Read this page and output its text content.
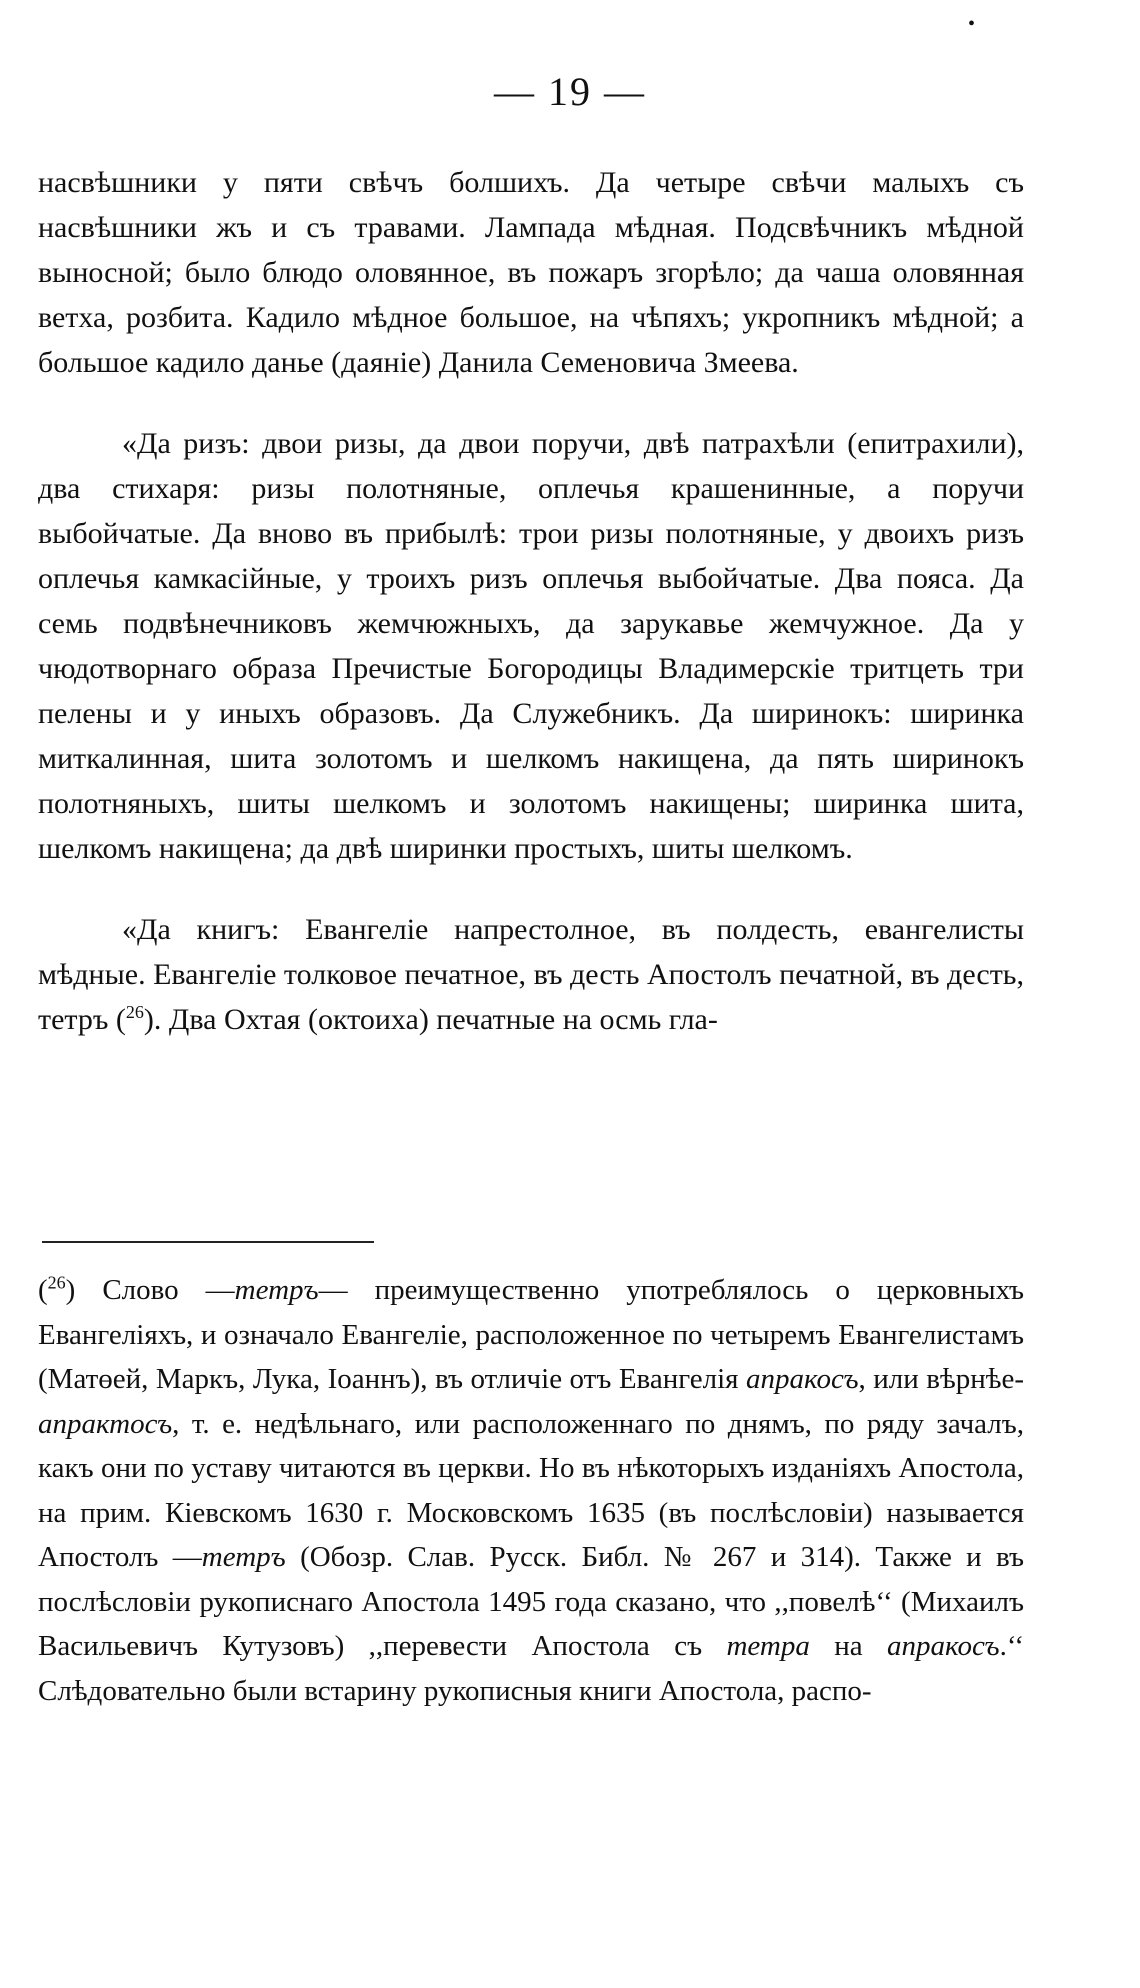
•
— 19 —

насвѣшники у пяти свѣчъ болшихъ. Да четыре свѣчи малыхъ съ насвѣшники жъ и съ травами. Лампада мѣдная. Подсвѣчникъ мѣдной выносной; было блюдо оловянное, въ пожаръ згорѣло; да чаша оловянная ветха, розбита. Кадило мѣдное большое, на чѣпяхъ; укропникъ мѣдной; а большое кадило данье (даяніе) Данила Семеновича Змеева.

«Да ризъ: двои ризы, да двои поручи, двѣ патрахѣли (епитрахили), два стихаря: ризы полотняные, оплечья крашенинные, а поручи выбойчатые. Да вново въ прибылѣ: трои ризы полотняные, у двоихъ ризъ оплечья камкасійные, у троихъ ризъ оплечья выбойчатые. Два пояса. Да семь подвѣнечниковъ жемчюжныхъ, да зарукавье жемчужное. Да у чюдотворнаго образа Пречистые Богородицы Владимерскіе тритцеть три пелены и у иныхъ образовъ. Да Служебникъ. Да ширинокъ: ширинка миткалинная, шита золотомъ и шелкомъ накищена, да пять ширинокъ полотняныхъ, шиты шелкомъ и золотомъ накищены; ширинка шита, шелкомъ накищена; да двѣ ширинки простыхъ, шиты шелкомъ.

«Да книгъ: Евангеліе напрестолное, въ полдесть, евангелисты мѣдные. Евангеліе толковое печатное, въ десть Апостолъ печатной, въ десть, тетръ ($^{26}$). Два Охтая (октоиха) печатные на осмь гла-

($^{26}$) Слово —тетръ— преимущественно употреблялось о церковныхъ Евангеліяхъ, и означало Евангеліе, расположенное по четыремъ Евангелистамъ (Матөей, Маркъ, Лука, Іоаннъ), въ отличіе отъ Евангелія апракосъ, или вѣрнѣе-апрактосъ, т. е. недѣльнаго, или расположеннаго по днямъ, по ряду зачалъ, какъ они по уставу читаются въ церкви. Но въ нѣкоторыхъ изданіяхъ Апостола, на прим. Кіевскомъ 1630 г. Московскомъ 1635 (въ послѣсловіи) называется Апостолъ —тетръ (Обозр. Слав. Русск. Библ. № 267 и 314). Также и въ послѣсловіи рукописнаго Апостола 1495 года сказано, что ,,повелѣ‘‘ (Михаилъ Васильевичъ Кутузовъ) ,,перевести Апостола съ тетра на апракосъ.‘‘ Слѣдовательно были встарину рукописныя книги Апостола, распо-
